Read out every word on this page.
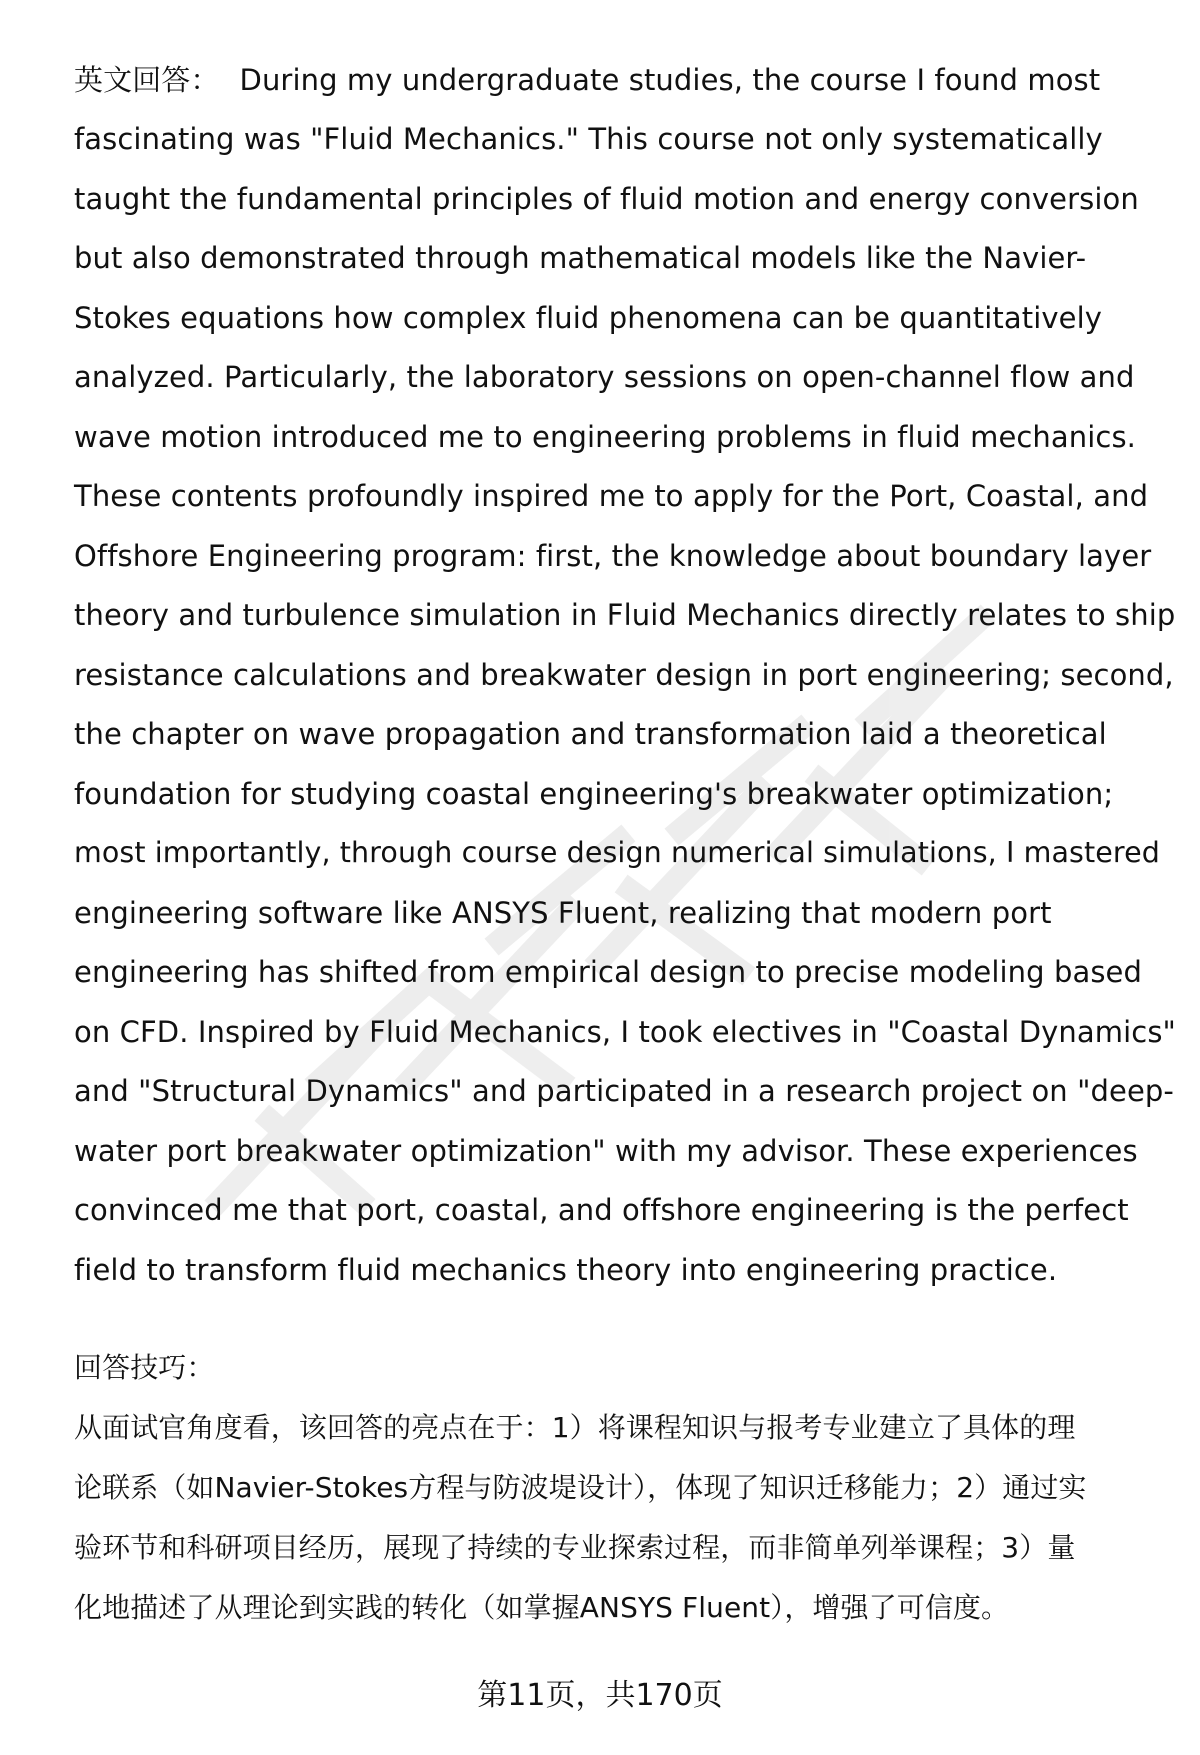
英文回答： During my undergraduate studies, the course I found most
fascinating was "Fluid Mechanics." This course not only systematically
taught the fundamental principles of fluid motion and energy conversion
but also demonstrated through mathematical models like the Navier-
Stokes equations how complex fluid phenomena can be quantitatively
analyzed. Particularly, the laboratory sessions on open-channel flow and
wave motion introduced me to engineering problems in fluid mechanics.
These contents profoundly inspired me to apply for the Port, Coastal, and
Offshore Engineering program: first, the knowledge about boundary layer
theory and turbulence simulation in Fluid Mechanics directly relates to ship
resistance calculations and breakwater design in port engineering; second,
the chapter on wave propagation and transformation laid a theoretical
foundation for studying coastal engineering's breakwater optimization;
most importantly, through course design numerical simulations, I mastered
engineering software like ANSYS Fluent, realizing that modern port
engineering has shifted from empirical design to precise modeling based
on CFD. Inspired by Fluid Mechanics, I took electives in "Coastal Dynamics"
and "Structural Dynamics" and participated in a research project on "deep-
water port breakwater optimization" with my advisor. These experiences
convinced me that port, coastal, and offshore engineering is the perfect
field to transform fluid mechanics theory into engineering practice.
回答技巧：
从面试官角度看，该回答的亮点在于：1）将课程知识与报考专业建立了具体的理
论联系（如Navier-Stokes方程与防波堤设计），体现了知识迁移能力；2）通过实
验环节和科研项目经历，展现了持续的专业探索过程，而非简单列举课程；3）量
化地描述了从理论到实践的转化（如掌握ANSYS Fluent），增强了可信度。
第11页，共170页
